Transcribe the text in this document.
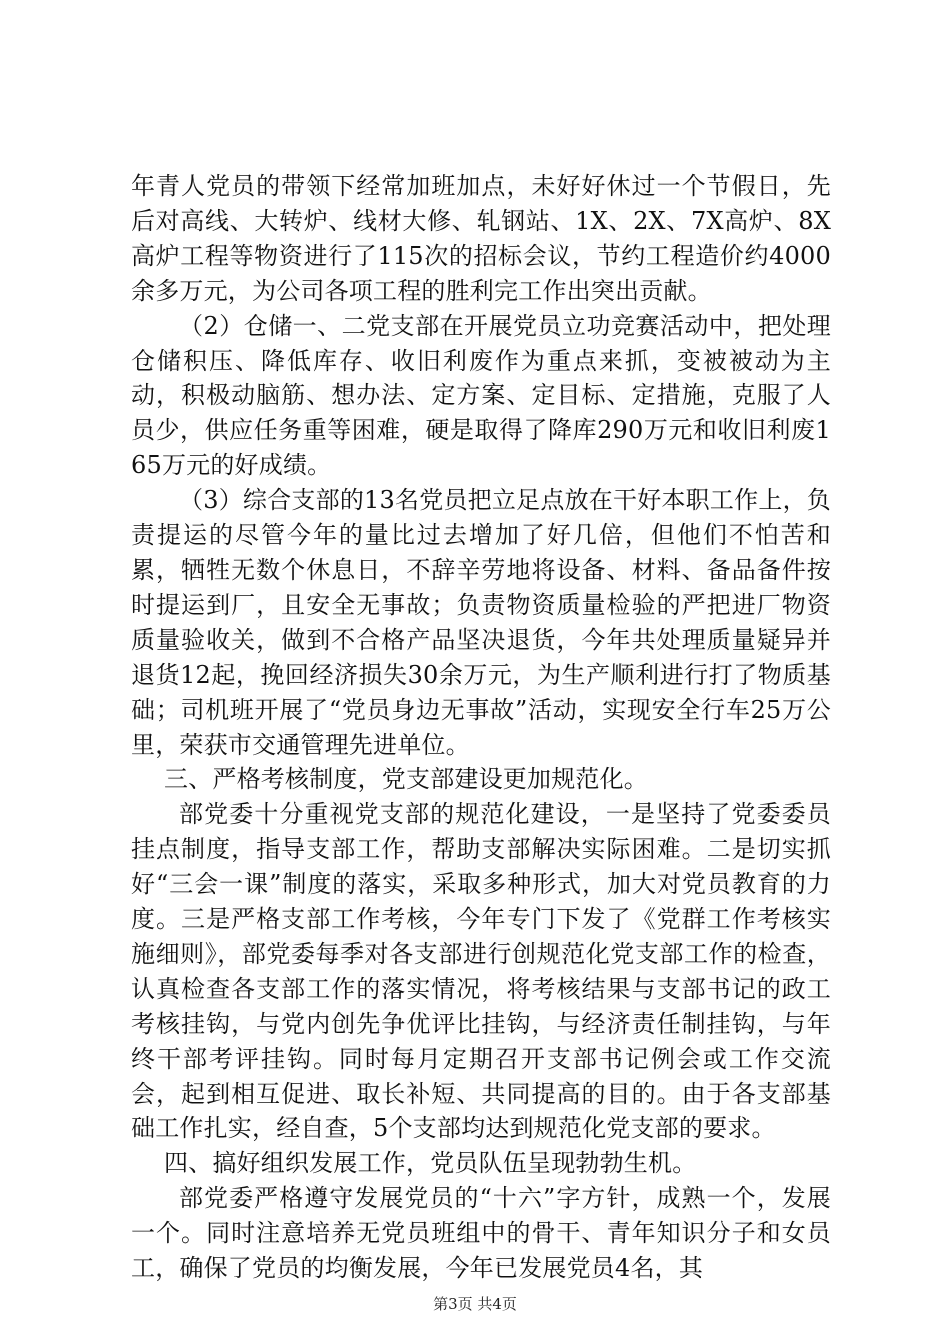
年青人党员的带领下经常加班加点，未好好休过一个节假日，先后对高线、大转炉、线材大修、轧钢站、1X、2X、7X高炉、8X高炉工程等物资进行了115次的招标会议，节约工程造价约4000余多万元，为公司各项工程的胜利完工作出突出贡献。

（2）仓储一、二党支部在开展党员立功竞赛活动中，把处理仓储积压、降低库存、收旧利废作为重点来抓，变被被动为主动，积极动脑筋、想办法、定方案、定目标、定措施，克服了人员少，供应任务重等困难，硬是取得了降库290万元和收旧利废165万元的好成绩。

（3）综合支部的13名党员把立足点放在干好本职工作上，负责提运的尽管今年的量比过去增加了好几倍，但他们不怕苦和累，牺牲无数个休息日，不辞辛劳地将设备、材料、备品备件按时提运到厂，且安全无事故；负责物资质量检验的严把进厂物资质量验收关，做到不合格产品坚决退货，今年共处理质量疑异并退货12起，挽回经济损失30余万元，为生产顺利进行打了物质基础；司机班开展了“党员身边无事故”活动，实现安全行车25万公里，荣获市交通管理先进单位。

三、严格考核制度，党支部建设更加规范化。

部党委十分重视党支部的规范化建设，一是坚持了党委委员挂点制度，指导支部工作，帮助支部解决实际困难。二是切实抓好“三会一课”制度的落实，采取多种形式，加大对党员教育的力度。三是严格支部工作考核，今年专门下发了《党群工作考核实施细则》，部党委每季对各支部进行创规范化党支部工作的检查，认真检查各支部工作的落实情况，将考核结果与支部书记的政工考核挂钩，与党内创先争优评比挂钩，与经济责任制挂钩，与年终干部考评挂钩。同时每月定期召开支部书记例会或工作交流会，起到相互促进、取长补短、共同提高的目的。由于各支部基础工作扎实，经自查，5个支部均达到规范化党支部的要求。

四、搞好组织发展工作，党员队伍呈现勃勃生机。

部党委严格遵守发展党员的“十六”字方针，成熟一个，发展一个。同时注意培养无党员班组中的骨干、青年知识分子和女员工，确保了党员的均衡发展，今年已发展党员4名，其

第3页 共4页
